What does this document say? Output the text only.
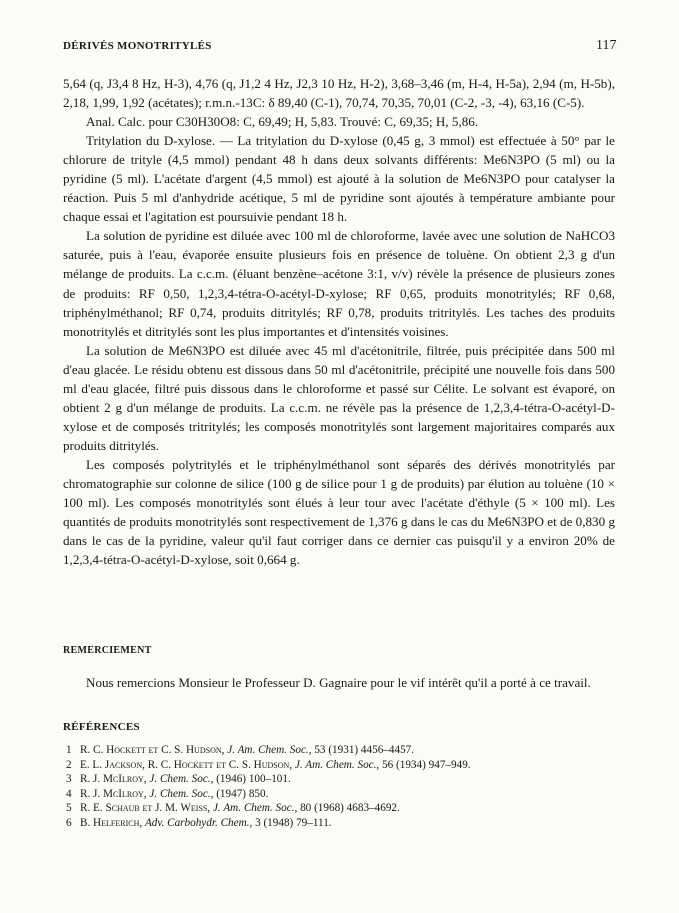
DÉRIVÉS MONOTRITYLÉS	117

5,64 (q, J3,4 8 Hz, H-3), 4,76 (q, J1,2 4 Hz, J2,3 10 Hz, H-2), 3,68–3,46 (m, H-4, H-5a), 2,94 (m, H-5b), 2,18, 1,99, 1,92 (acétates); r.m.n.-13C: δ 89,40 (C-1), 70,74, 70,35, 70,01 (C-2, -3, -4), 63,16 (C-5).

Anal. Calc. pour C30H30O8: C, 69,49; H, 5,83. Trouvé: C, 69,35; H, 5,86.

Tritylation du D-xylose. — La tritylation du D-xylose (0,45 g, 3 mmol) est effectuée à 50° par le chlorure de trityle (4,5 mmol) pendant 48 h dans deux solvants différents: Me6N3PO (5 ml) ou la pyridine (5 ml). L'acétate d'argent (4,5 mmol) est ajouté à la solution de Me6N3PO pour catalyser la réaction. Puis 5 ml d'anhydride acétique, 5 ml de pyridine sont ajoutés à température ambiante pour chaque essai et l'agitation est poursuivie pendant 18 h.

La solution de pyridine est diluée avec 100 ml de chloroforme, lavée avec une solution de NaHCO3 saturée, puis à l'eau, évaporée ensuite plusieurs fois en présence de toluène. On obtient 2,3 g d'un mélange de produits. La c.c.m. (éluant benzène–acétone 3:1, v/v) révèle la présence de plusieurs zones de produits: RF 0,50, 1,2,3,4-tétra-O-acétyl-D-xylose; RF 0,65, produits monotritylés; RF 0,68, triphénylméthanol; RF 0,74, produits ditritylés; RF 0,78, produits tritritylés. Les taches des produits monotritylés et ditritylés sont les plus importantes et d'intensités voisines.

La solution de Me6N3PO est diluée avec 45 ml d'acétonitrile, filtrée, puis précipitée dans 500 ml d'eau glacée. Le résidu obtenu est dissous dans 50 ml d'acétonitrile, précipité une nouvelle fois dans 500 ml d'eau glacée, filtré puis dissous dans le chloroforme et passé sur Célite. Le solvant est évaporé, on obtient 2 g d'un mélange de produits. La c.c.m. ne révèle pas la présence de 1,2,3,4-tétra-O-acétyl-D-xylose et de composés tritritylés; les composés monotritylés sont largement majoritaires comparés aux produits ditritylés.

Les composés polytritylés et le triphénylméthanol sont séparés des dérivés monotritylés par chromatographie sur colonne de silice (100 g de silice pour 1 g de produits) par élution au toluène (10 × 100 ml). Les composés monotritylés sont élués à leur tour avec l'acétate d'éthyle (5 × 100 ml). Les quantités de produits monotritylés sont respectivement de 1,376 g dans le cas du Me6N3PO et de 0,830 g dans le cas de la pyridine, valeur qu'il faut corriger dans ce dernier cas puisqu'il y a environ 20% de 1,2,3,4-tétra-O-acétyl-D-xylose, soit 0,664 g.

REMERCIEMENT

Nous remercions Monsieur le Professeur D. Gagnaire pour le vif intérêt qu'il a porté à ce travail.

RÉFÉRENCES
1 R. C. Hockett et C. S. Hudson, J. Am. Chem. Soc., 53 (1931) 4456–4457.
2 E. L. Jackson, R. C. Hockett et C. S. Hudson, J. Am. Chem. Soc., 56 (1934) 947–949.
3 R. J. McIlroy, J. Chem. Soc., (1946) 100–101.
4 R. J. McIlroy, J. Chem. Soc., (1947) 850.
5 R. E. Schaub et J. M. Weiss, J. Am. Chem. Soc., 80 (1968) 4683–4692.
6 B. Helferich, Adv. Carbohydr. Chem., 3 (1948) 79–111.
